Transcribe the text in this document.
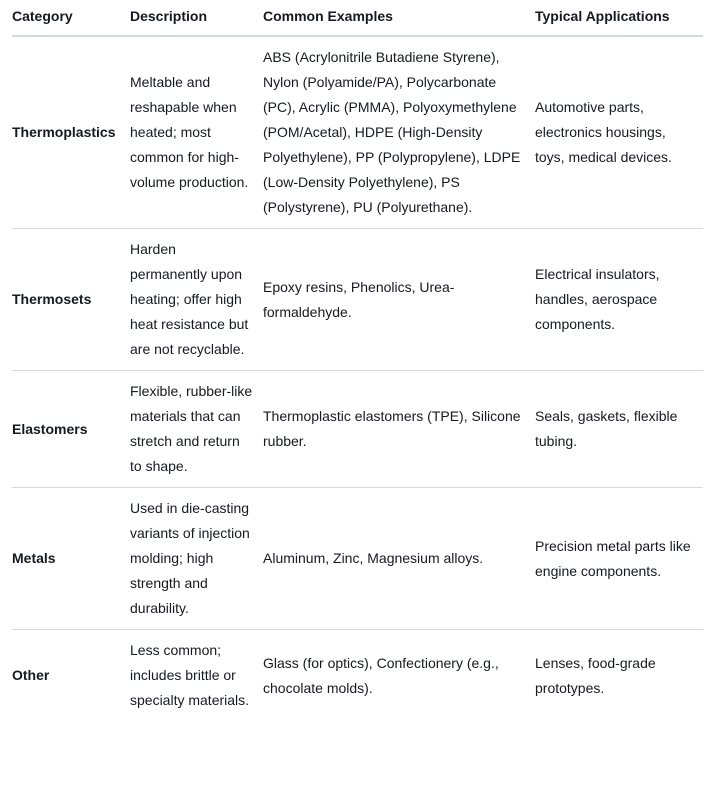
Category	Description	Common Examples	Typical Applications
Thermoplastics	Meltable and reshapable when heated; most common for high-volume production.	ABS (Acrylonitrile Butadiene Styrene), Nylon (Polyamide/PA), Polycarbonate (PC), Acrylic (PMMA), Polyoxymethylene (POM/Acetal), HDPE (High-Density Polyethylene), PP (Polypropylene), LDPE (Low-Density Polyethylene), PS (Polystyrene), PU (Polyurethane).	Automotive parts, electronics housings, toys, medical devices.
Thermosets	Harden permanently upon heating; offer high heat resistance but are not recyclable.	Epoxy resins, Phenolics, Urea-formaldehyde.	Electrical insulators, handles, aerospace components.
Elastomers	Flexible, rubber-like materials that can stretch and return to shape.	Thermoplastic elastomers (TPE), Silicone rubber.	Seals, gaskets, flexible tubing.
Metals	Used in die-casting variants of injection molding; high strength and durability.	Aluminum, Zinc, Magnesium alloys.	Precision metal parts like engine components.
Other	Less common; includes brittle or specialty materials.	Glass (for optics), Confectionery (e.g., chocolate molds).	Lenses, food-grade prototypes.
